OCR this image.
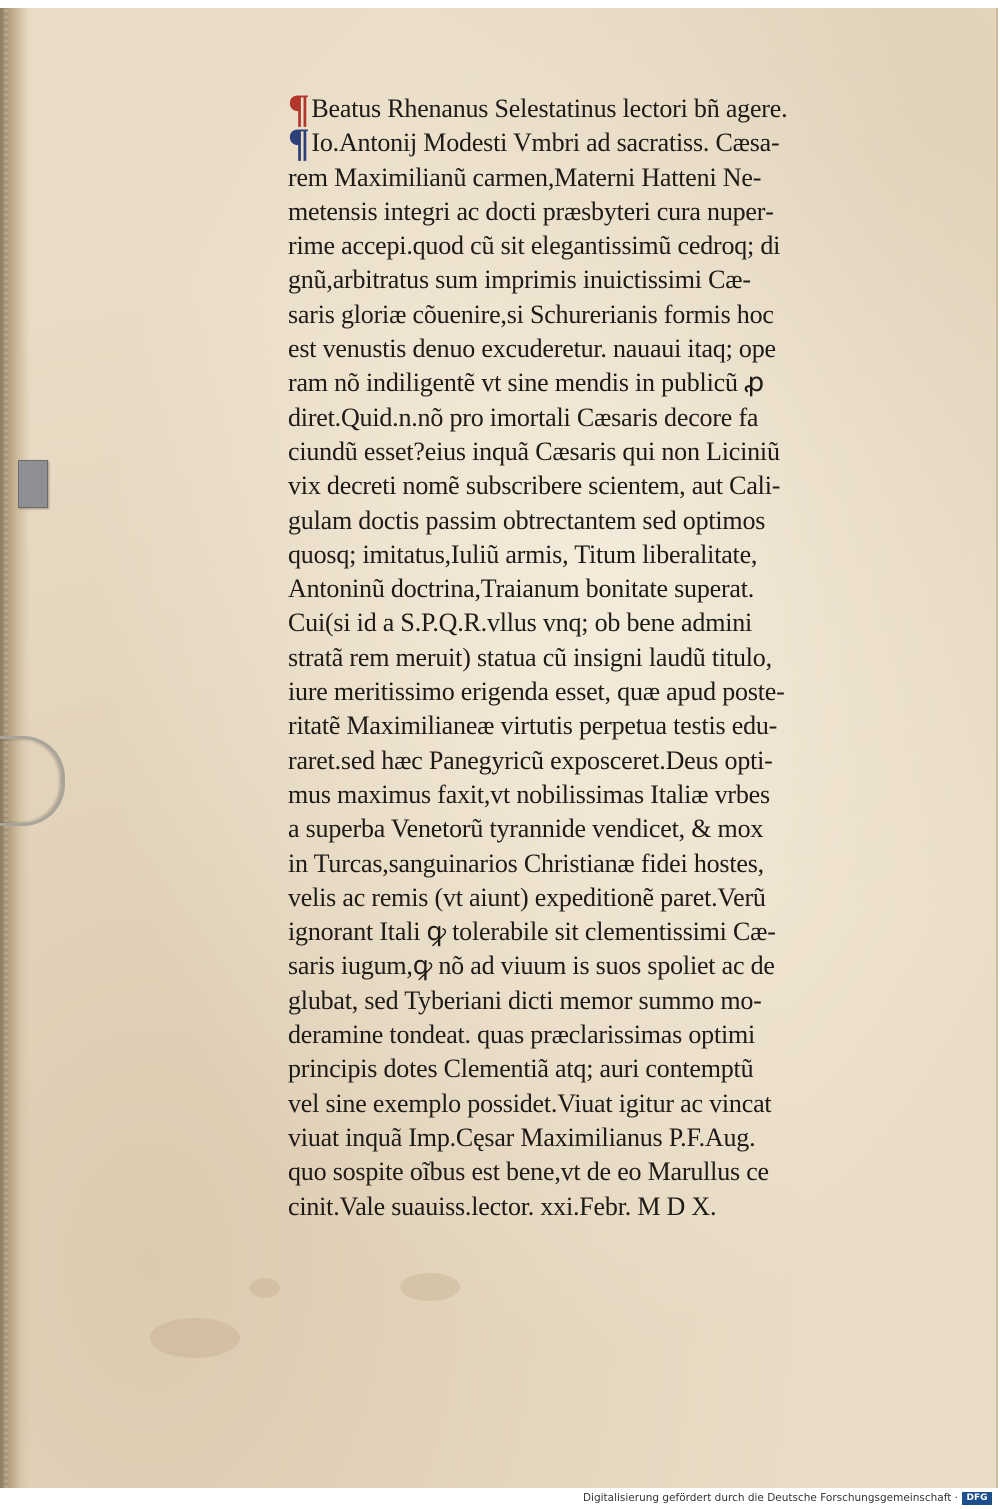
¶Beatus Rhenanus Selestatinus lectori bñ agere.
¶Io.Antonij Modesti Vmbri ad sacratiss. Cæsa‑
rem Maximilianũ carmen,Materni Hatteni Ne‑
metensis integri ac docti præsbyteri cura nuper‑
rime accepi.quod cũ sit elegantissimũ cedroq; di
gnũ,arbitratus sum imprimis inuictissimi Cæ‑
saris gloriæ cõuenire,si Schurerianis formis hoc
est venustis denuo excuderetur. nauaui itaq; ope
ram nõ indiligentẽ vt sine mendis in publicũ ꝓ
diret.Quid.n.nõ pro imortali Cæsaris decore fa
ciundũ esset?eius inquã Cæsaris qui non Liciniũ
vix decreti nomẽ subscribere scientem, aut Cali‑
gulam doctis passim obtrectantem sed optimos
quosq; imitatus,Iuliũ armis, Titum liberalitate,
Antoninũ doctrina,Traianum bonitate superat.
Cui(si id a S.P.Q.R.vllus vnq; ob bene admini
stratã rem meruit) statua cũ insigni laudũ titulo,
iure meritissimo erigenda esset, quæ apud poste‑
ritatẽ Maximilianeæ virtutis perpetua testis edu‑
raret.sed hæc Panegyricũ exposceret.Deus opti‑
mus maximus faxit,vt nobilissimas Italiæ vrbes
a superba Venetorũ tyrannide vendicet, & mox
in Turcas,sanguinarios Christianæ fidei hostes,
velis ac remis (vt aiunt) expeditionẽ paret.Verũ
ignorant Itali ꝙ tolerabile sit clementissimi Cæ‑
saris iugum,ꝙ nõ ad viuum is suos spoliet ac de
glubat, sed Tyberiani dicti memor summo mo‑
deramine tondeat. quas præclarissimas optimi
principis dotes Clementiã atq; auri contemptũ
vel sine exemplo possidet.Viuat igitur ac vincat
viuat inquã Imp.Cęsar Maximilianus P.F.Aug.
quo sospite oĩbus est bene,vt de eo Marullus ce
cinit.Vale suauiss.lector. xxi.Febr. M D X.
Digitalisierung gefördert durch die Deutsche Forschungsgemeinschaft · DFG
